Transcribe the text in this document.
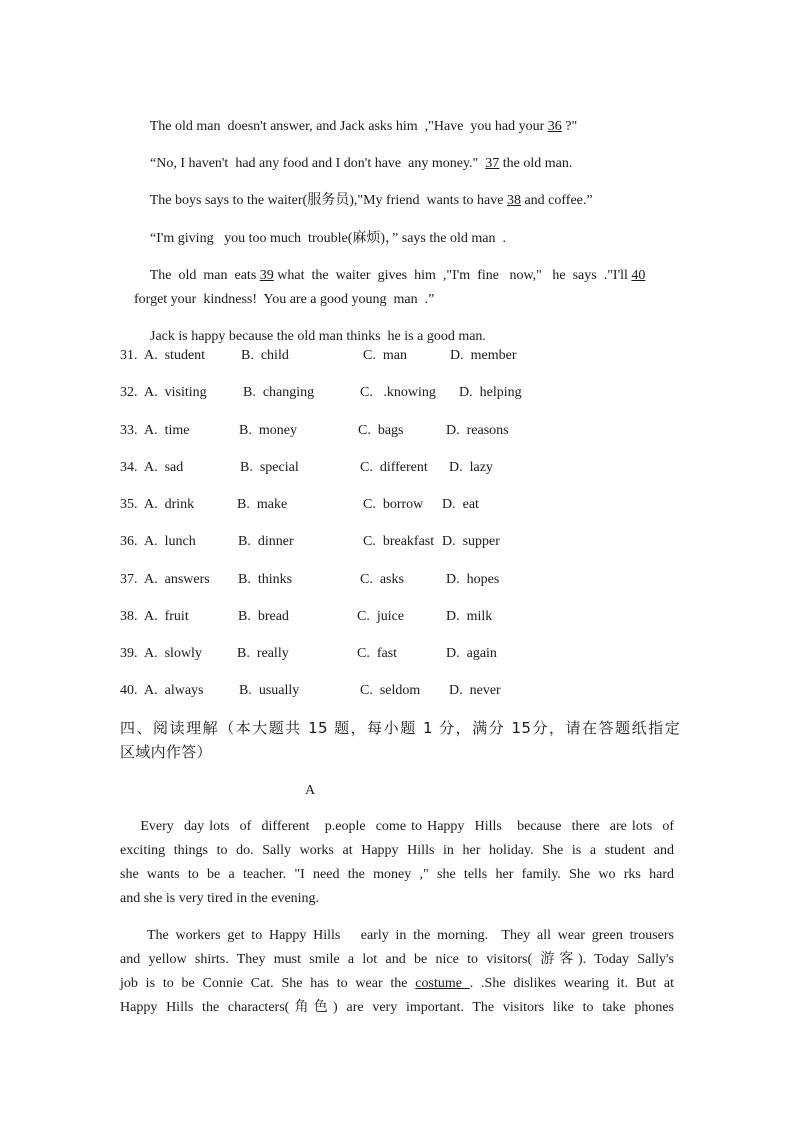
The old man  doesn't answer, and Jack asks him  ,"Have  you had your 36 ?"

“No, I haven't  had any food and I don't have  any money."  37 the old man.

The boys says to the waiter(服务员),"My friend  wants to have 38 and coffee.”

“I'm giving   you too much  trouble(麻烦)，” says the old man  .

The  old  man  eats 39 what  the  waiter  gives  him  ,"I'm  fine   now,"   he  says  ."I'll 40

forget your  kindness!  You are a good young  man  .”

Jack is happy because the old man thinks  he is a good man.

31. A.  student	B.  child	C.  man	D.  member
32. A.  visiting	B.  changing	C.   .knowing D.  helping
33. A.  time	B.  money	C.  bags	D.  reasons
34. A.  sad	B.  special	C.  different D.  lazy
35. A.  drink	B.  make	C.  borrow D.  eat
36. A.  lunch	B.  dinner	C.  breakfast D.  supper
37. A.  answers B.  thinks	C.  asks	D.  hopes
38. A.  fruit	B.  bread	C.  juice	D.  milk
39. A.  slowly	B.  really	C.  fast	D.  again
40. A.  always	B.  usually	C.  seldom D.  never
四、阅读理解（本大题共 15 题，每小题 1 分，满分 15分，请在答题纸指定
区域内作答）
A
Every  day lots  of  different   p.eople  come to Happy  Hills   because  there  are lots  of
exciting things to do. Sally works at Happy Hills in her holiday. She is a student and
she wants to be a teacher. "I need the money ," she tells her family. She wo rks hard
and she is very tired in the evening.
The workers get to Happy Hills   early in the morning.  They all wear green trousers
and yellow shirts. They must smile a lot and be nice to visitors( 游客). Today Sally's
job is to be Connie Cat. She has to wear the costume . .She dislikes wearing it. But at
Happy Hills the characters(角色) are very important. The visitors like to take phones
